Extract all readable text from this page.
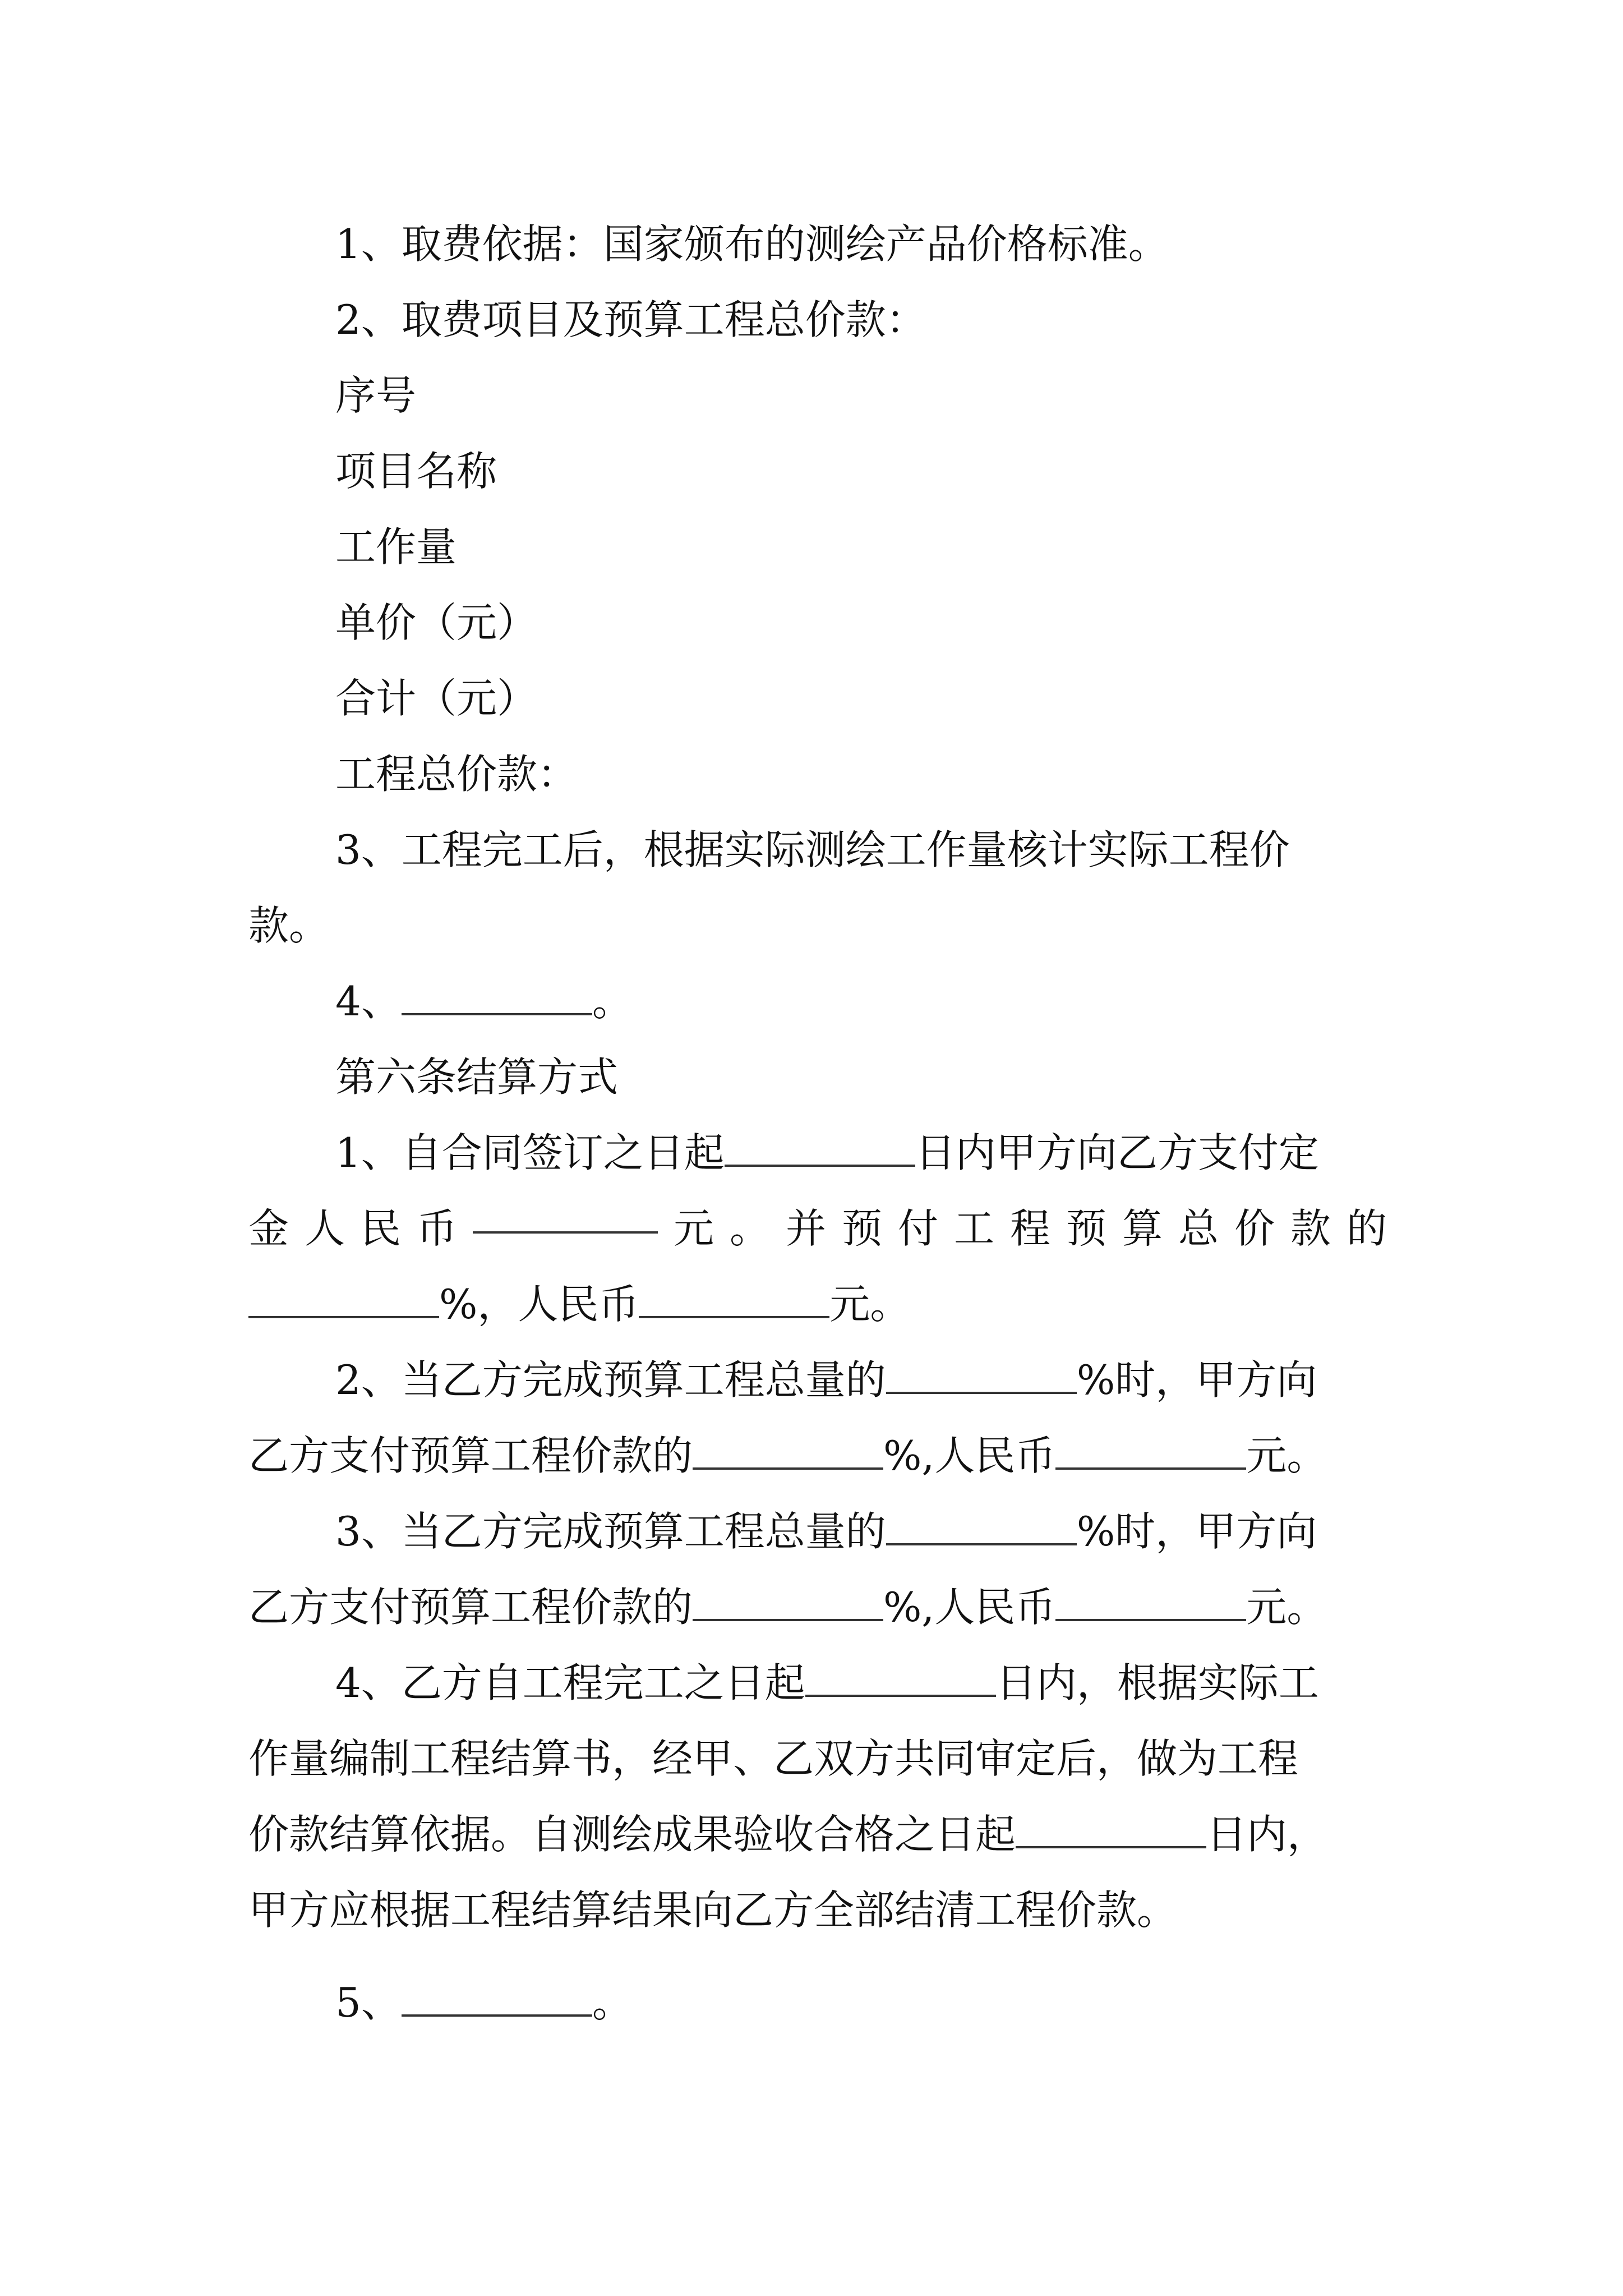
1、取费依据：国家颁布的测绘产品价格标准。
2、取费项目及预算工程总价款：
序号
项目名称
工作量
单价（元）
合计（元）
工程总价款：
3、工程完工后，根据实际测绘工作量核计实际工程价
款。
4、	。
第六条结算方式
1、自合同签订之日起	日内甲方向乙方支付定
金 人 民 币	元 。 并 预 付 工 程 预 算 总 价 款 的
%，人民币	元。
2、当乙方完成预算工程总量的	%时，甲方向
乙方支付预算工程价款的	%,人民币	元。
3、当乙方完成预算工程总量的	%时，甲方向
乙方支付预算工程价款的	%,人民币	元。
4、乙方自工程完工之日起	日内，根据实际工
作量编制工程结算书，经甲、乙双方共同审定后，做为工程
价款结算依据。自测绘成果验收合格之日起	日内，
甲方应根据工程结算结果向乙方全部结清工程价款。
5、	。
